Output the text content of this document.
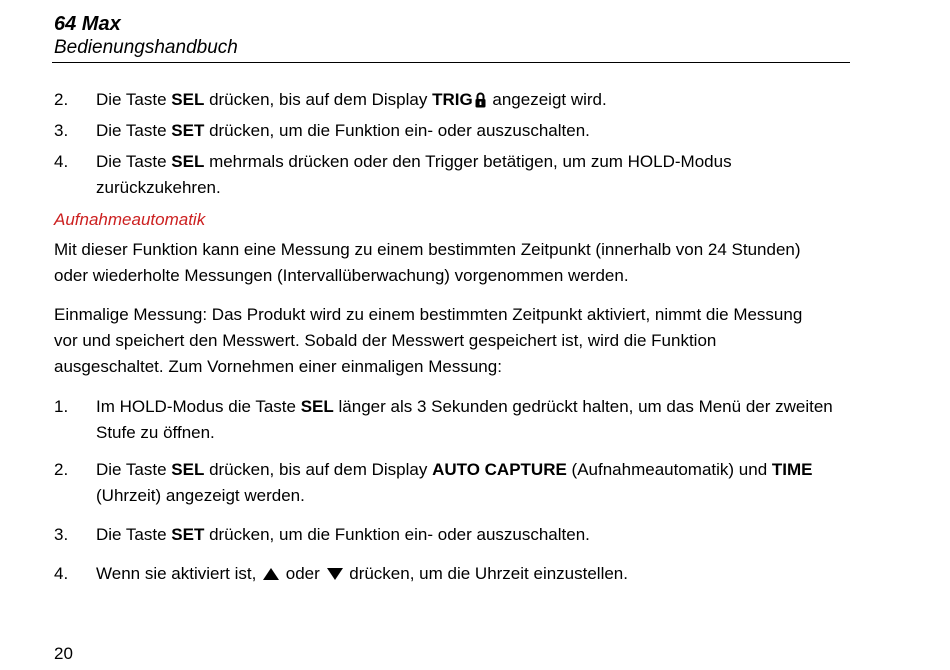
64 Max
Bedienungshandbuch
2.	Die Taste SEL drücken, bis auf dem Display TRIG angezeigt wird.
3.	Die Taste SET drücken, um die Funktion ein- oder auszuschalten.
4.	Die Taste SEL mehrmals drücken oder den Trigger betätigen, um zum HOLD-Modus zurückzukehren.
Aufnahmeautomatik
Mit dieser Funktion kann eine Messung zu einem bestimmten Zeitpunkt (innerhalb von 24 Stunden) oder wiederholte Messungen (Intervallüberwachung) vorgenommen werden.
Einmalige Messung: Das Produkt wird zu einem bestimmten Zeitpunkt aktiviert, nimmt die Messung vor und speichert den Messwert. Sobald der Messwert gespeichert ist, wird die Funktion ausgeschaltet. Zum Vornehmen einer einmaligen Messung:
1.	Im HOLD-Modus die Taste SEL länger als 3 Sekunden gedrückt halten, um das Menü der zweiten Stufe zu öffnen.
2.	Die Taste SEL drücken, bis auf dem Display AUTO CAPTURE (Aufnahmeautomatik) und TIME (Uhrzeit) angezeigt werden.
3.	Die Taste SET drücken, um die Funktion ein- oder auszuschalten.
4.	Wenn sie aktiviert ist,  oder  drücken, um die Uhrzeit einzustellen.
20
